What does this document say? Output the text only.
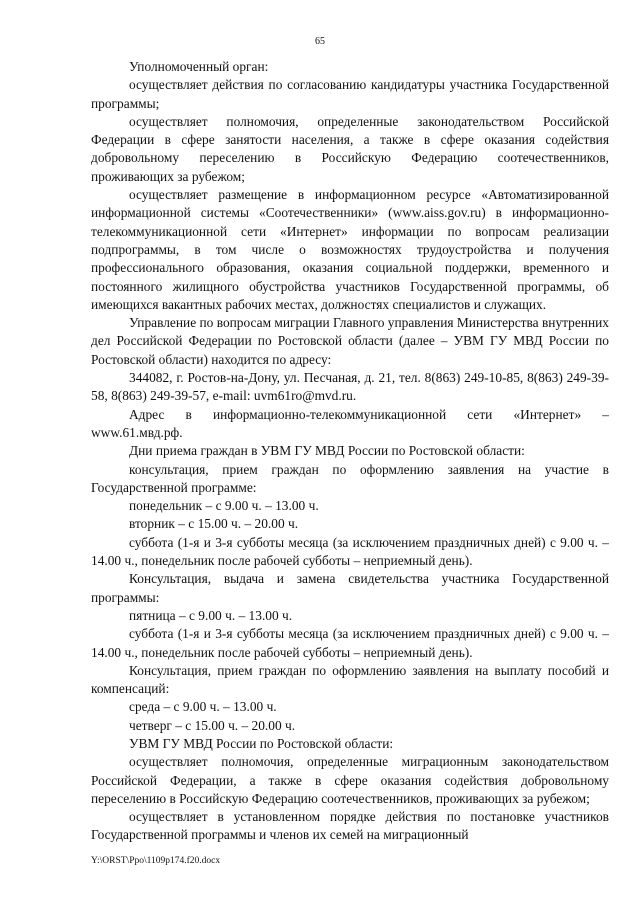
65

Уполномоченный орган:

осуществляет действия по согласованию кандидатуры участника Государственной программы;

осуществляет полномочия, определенные законодательством Российской Федерации в сфере занятости населения, а также в сфере оказания содействия добровольному переселению в Российскую Федерацию соотечественников, проживающих за рубежом;

осуществляет размещение в информационном ресурсе «Автоматизированной информационной системы «Соотечественники» (www.aiss.gov.ru) в информационно-телекоммуникационной сети «Интернет» информации по вопросам реализации подпрограммы, в том числе о возможностях трудоустройства и получения профессионального образования, оказания социальной поддержки, временного и постоянного жилищного обустройства участников Государственной программы, об имеющихся вакантных рабочих местах, должностях специалистов и служащих.

Управление по вопросам миграции Главного управления Министерства внутренних дел Российской Федерации по Ростовской области (далее – УВМ ГУ МВД России по Ростовской области) находится по адресу:

344082, г. Ростов-на-Дону, ул. Песчаная, д. 21, тел. 8(863) 249-10-85, 8(863) 249-39-58, 8(863) 249-39-57, e-mail: uvm61ro@mvd.ru.

Адрес в информационно-телекоммуникационной сети «Интернет» – www.61.мвд.рф.

Дни приема граждан в УВМ ГУ МВД России по Ростовской области:

консультация, прием граждан по оформлению заявления на участие в Государственной программе:

понедельник – с 9.00 ч. – 13.00 ч.

вторник – с 15.00 ч. – 20.00 ч.

суббота (1-я и 3-я субботы месяца (за исключением праздничных дней) с 9.00 ч. – 14.00 ч., понедельник после рабочей субботы – неприемный день).

Консультация, выдача и замена свидетельства участника Государственной программы:

пятница – с 9.00 ч. – 13.00 ч.

суббота (1-я и 3-я субботы месяца (за исключением праздничных дней) с 9.00 ч. – 14.00 ч., понедельник после рабочей субботы – неприемный день).

Консультация, прием граждан по оформлению заявления на выплату пособий и компенсаций:

среда – с 9.00 ч. – 13.00 ч.

четверг – с 15.00 ч. – 20.00 ч.

УВМ ГУ МВД России по Ростовской области:

осуществляет полномочия, определенные миграционным законодательством Российской Федерации, а также в сфере оказания содействия добровольному переселению в Российскую Федерацию соотечественников, проживающих за рубежом;

осуществляет в установленном порядке действия по постановке участников Государственной программы и членов их семей на миграционный

Y:\ORST\Ppo\1109p174.f20.docx
